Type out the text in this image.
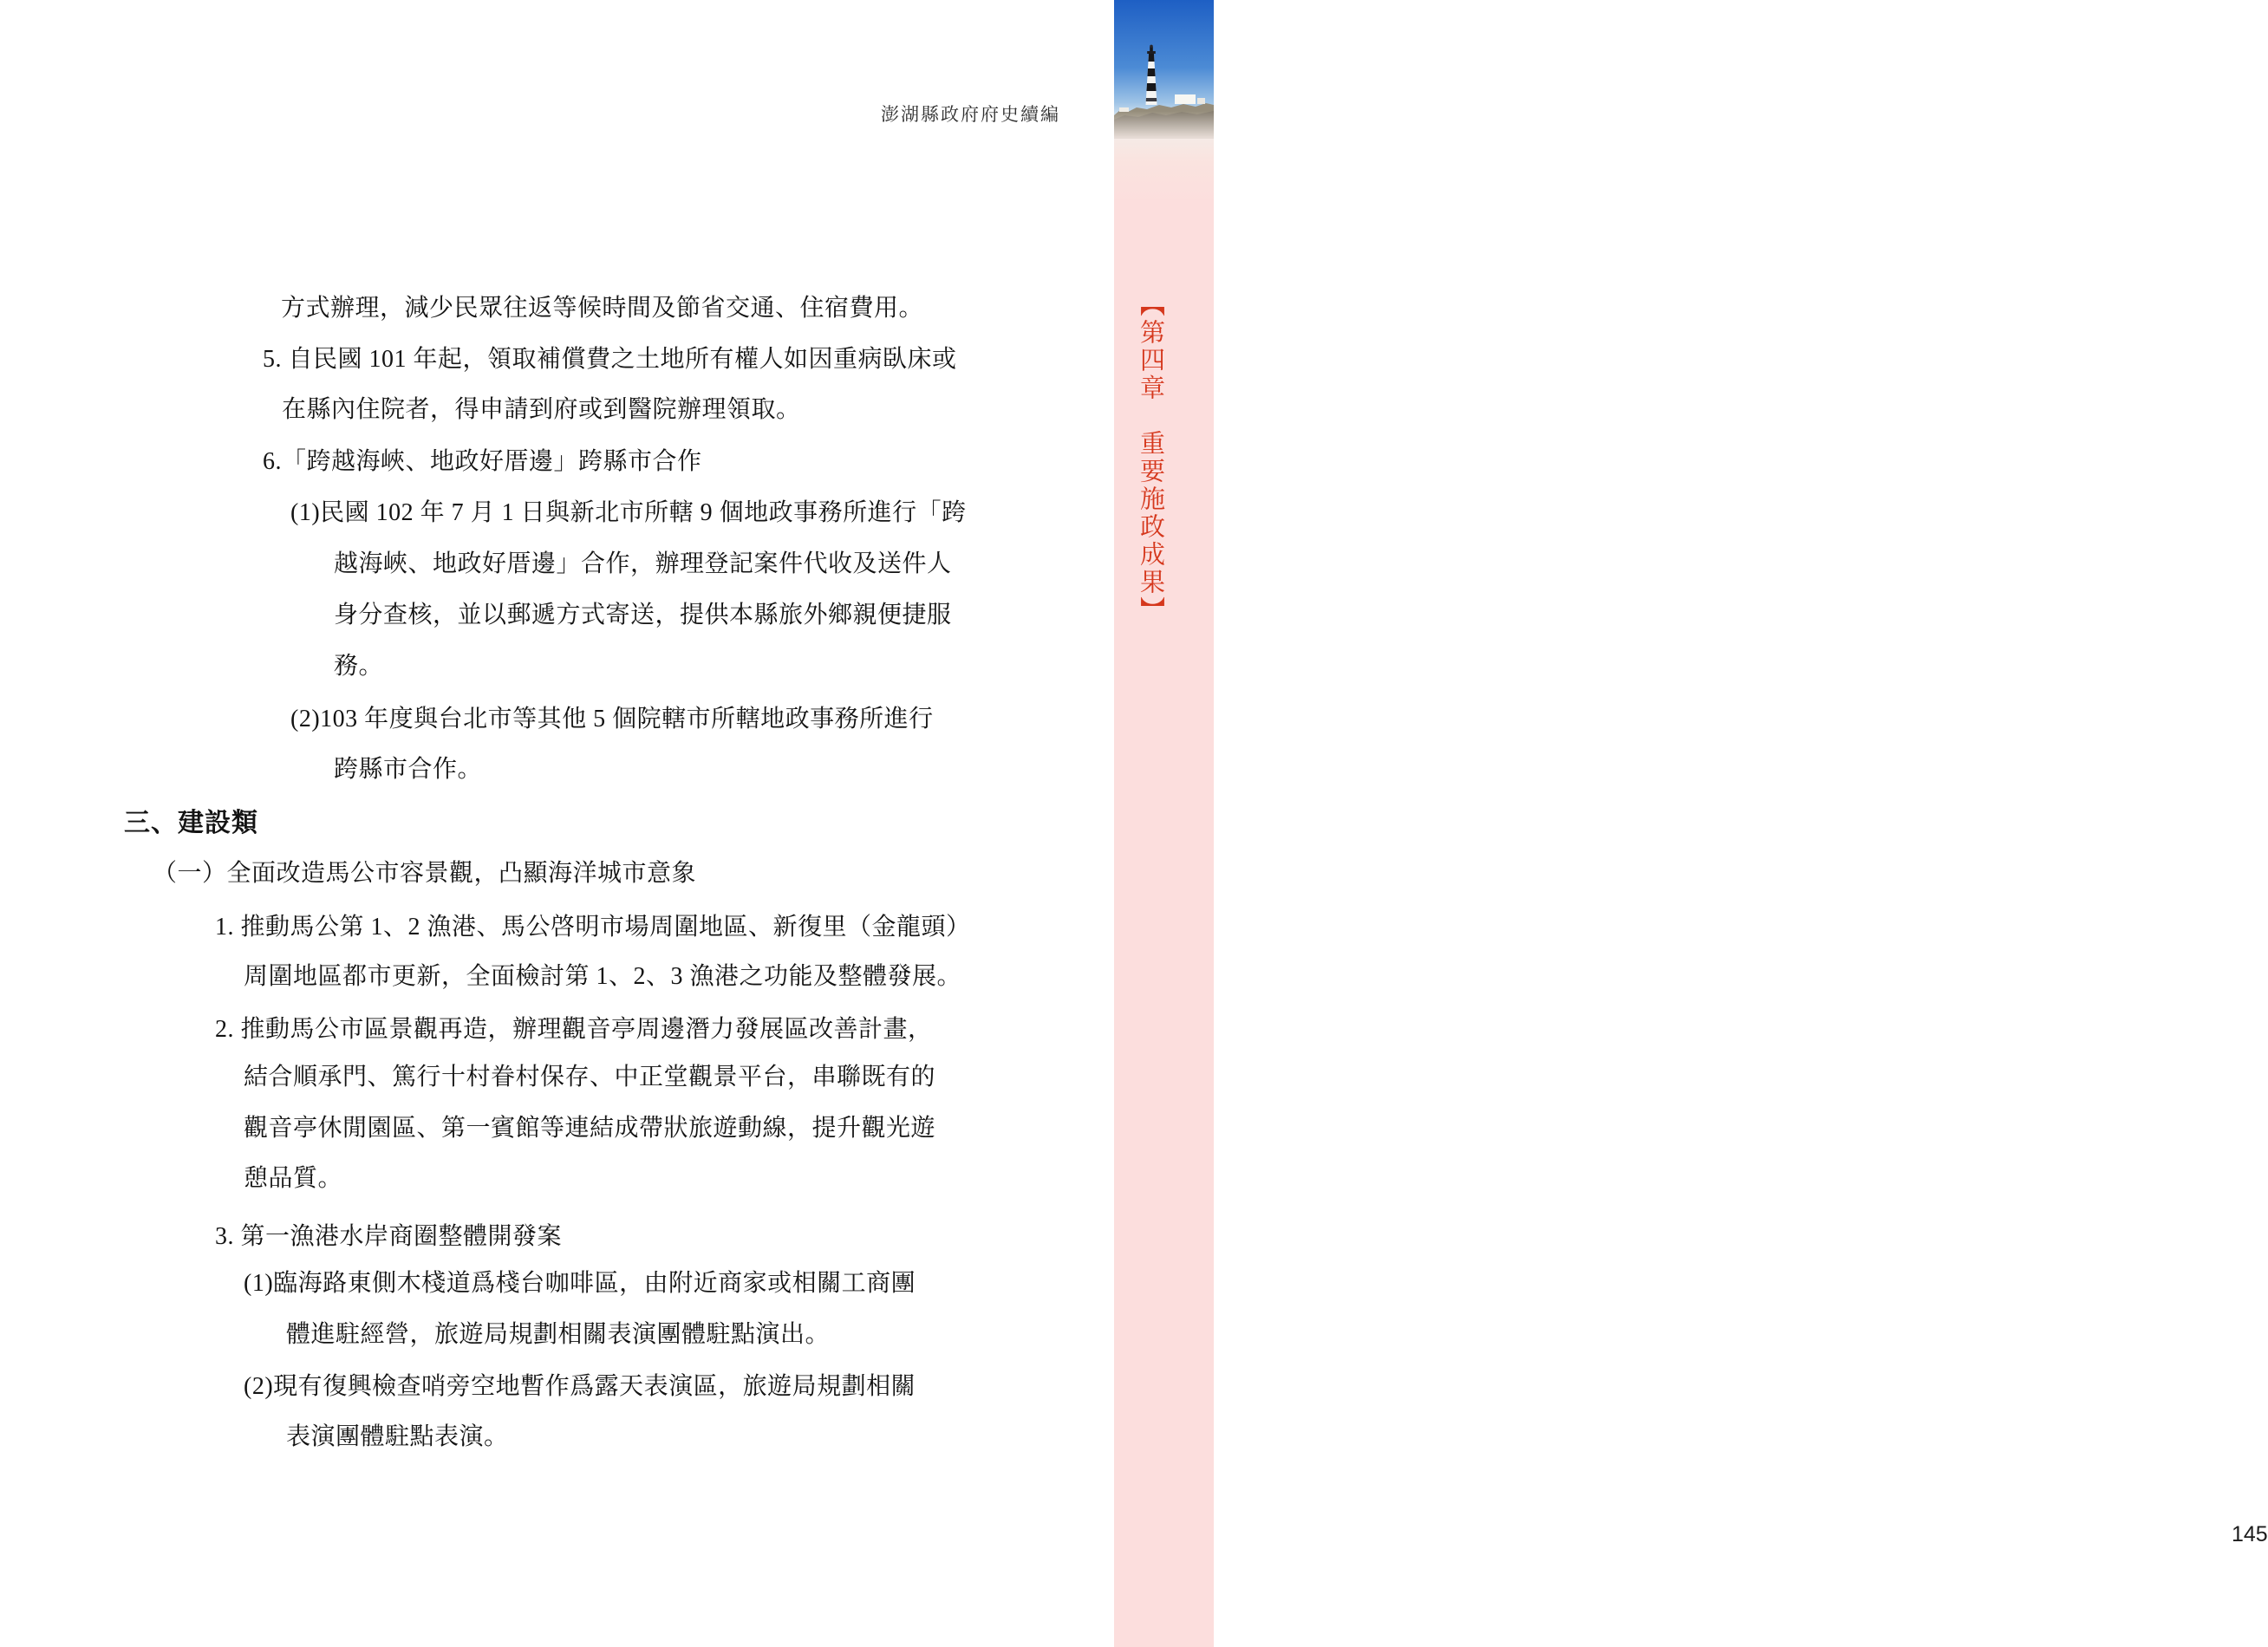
澎湖縣政府府史續編
145
【第四章　重要施政成果】
方式辦理，減少民眾往返等候時間及節省交通、住宿費用。
5. 自民國 101 年起，領取補償費之土地所有權人如因重病臥床或
在縣內住院者，得申請到府或到醫院辦理領取。
6.「跨越海峽、地政好厝邊」跨縣市合作
(1)民國 102 年 7 月 1 日與新北市所轄 9 個地政事務所進行「跨
越海峽、地政好厝邊」合作，辦理登記案件代收及送件人
身分查核，並以郵遞方式寄送，提供本縣旅外鄉親便捷服
務。
(2)103 年度與台北市等其他 5 個院轄市所轄地政事務所進行
跨縣市合作。
三、建設類
（一）全面改造馬公市容景觀，凸顯海洋城市意象
1. 推動馬公第 1、2 漁港、馬公啓明市場周圍地區、新復里（金龍頭）
周圍地區都市更新，全面檢討第 1、2、3 漁港之功能及整體發展。
2. 推動馬公市區景觀再造，辦理觀音亭周邊潛力發展區改善計畫，
結合順承門、篤行十村眷村保存、中正堂觀景平台，串聯既有的
觀音亭休閒園區、第一賓館等連結成帶狀旅遊動線，提升觀光遊
憩品質。
3. 第一漁港水岸商圈整體開發案
(1)臨海路東側木棧道爲棧台咖啡區，由附近商家或相關工商團
體進駐經營，旅遊局規劃相關表演團體駐點演出。
(2)現有復興檢查哨旁空地暫作爲露天表演區，旅遊局規劃相關
表演團體駐點表演。
